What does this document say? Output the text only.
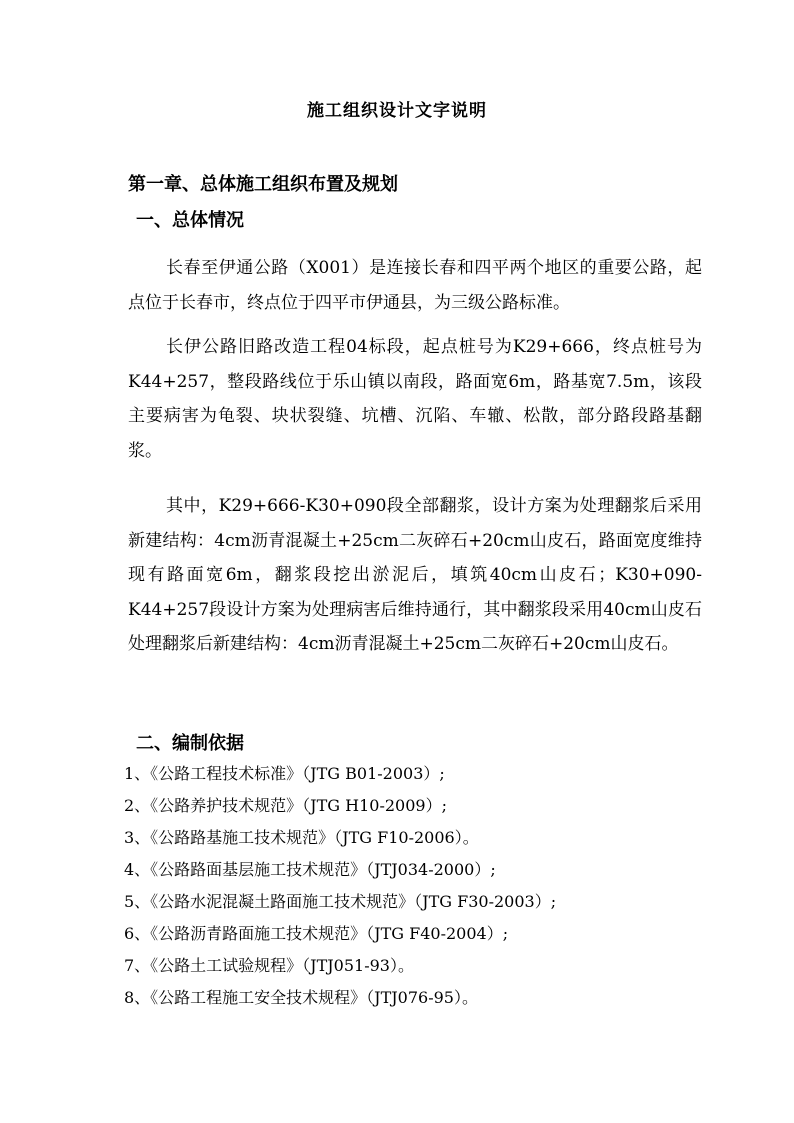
施工组织设计文字说明
第一章、总体施工组织布置及规划
一、总体情况
长春至伊通公路（X001）是连接长春和四平两个地区的重要公路，起点位于长春市，终点位于四平市伊通县，为三级公路标准。
长伊公路旧路改造工程04标段，起点桩号为K29+666，终点桩号为K44+257，整段路线位于乐山镇以南段，路面宽6m，路基宽7.5m，该段主要病害为龟裂、块状裂缝、坑槽、沉陷、车辙、松散，部分路段路基翻浆。
其中，K29+666-K30+090段全部翻浆，设计方案为处理翻浆后采用新建结构：4cm沥青混凝土+25cm二灰碎石+20cm山皮石，路面宽度维持现有路面宽6m，翻浆段挖出淤泥后，填筑40cm山皮石；K30+090-K44+257段设计方案为处理病害后维持通行，其中翻浆段采用40cm山皮石处理翻浆后新建结构：4cm沥青混凝土+25cm二灰碎石+20cm山皮石。
二、编制依据
1、《公路工程技术标准》（JTG B01-2003）;
2、《公路养护技术规范》（JTG H10-2009）;
3、《公路路基施工技术规范》（JTG F10-2006）。
4、《公路路面基层施工技术规范》（JTJ034-2000）;
5、《公路水泥混凝土路面施工技术规范》（JTG F30-2003）;
6、《公路沥青路面施工技术规范》（JTG F40-2004）;
7、《公路土工试验规程》（JTJ051-93）。
8、《公路工程施工安全技术规程》（JTJ076-95）。
